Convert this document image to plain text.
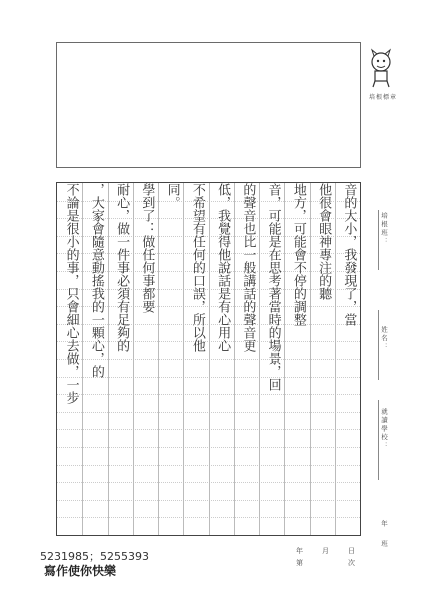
培根標章
音的大小，我發現了，當
他很會眼神專注的聽
地方，可能會不停的調整
音，可能是在思考著當時的場景，回
的聲音也比一般講話的聲音更
低，我覺得他說話是有心用心
不希望有任何的口誤，所以他
同。
學到了：做任何事都要
耐心，做一件事必須有足夠的
，大家會隨意動搖我的一顆心，的
不論是很小的事，只會細心去做，一步	培根班：
姓名：
就讀學校：
年
班
年	月	日
第	次
5231985；5255393
寫作使你快樂
